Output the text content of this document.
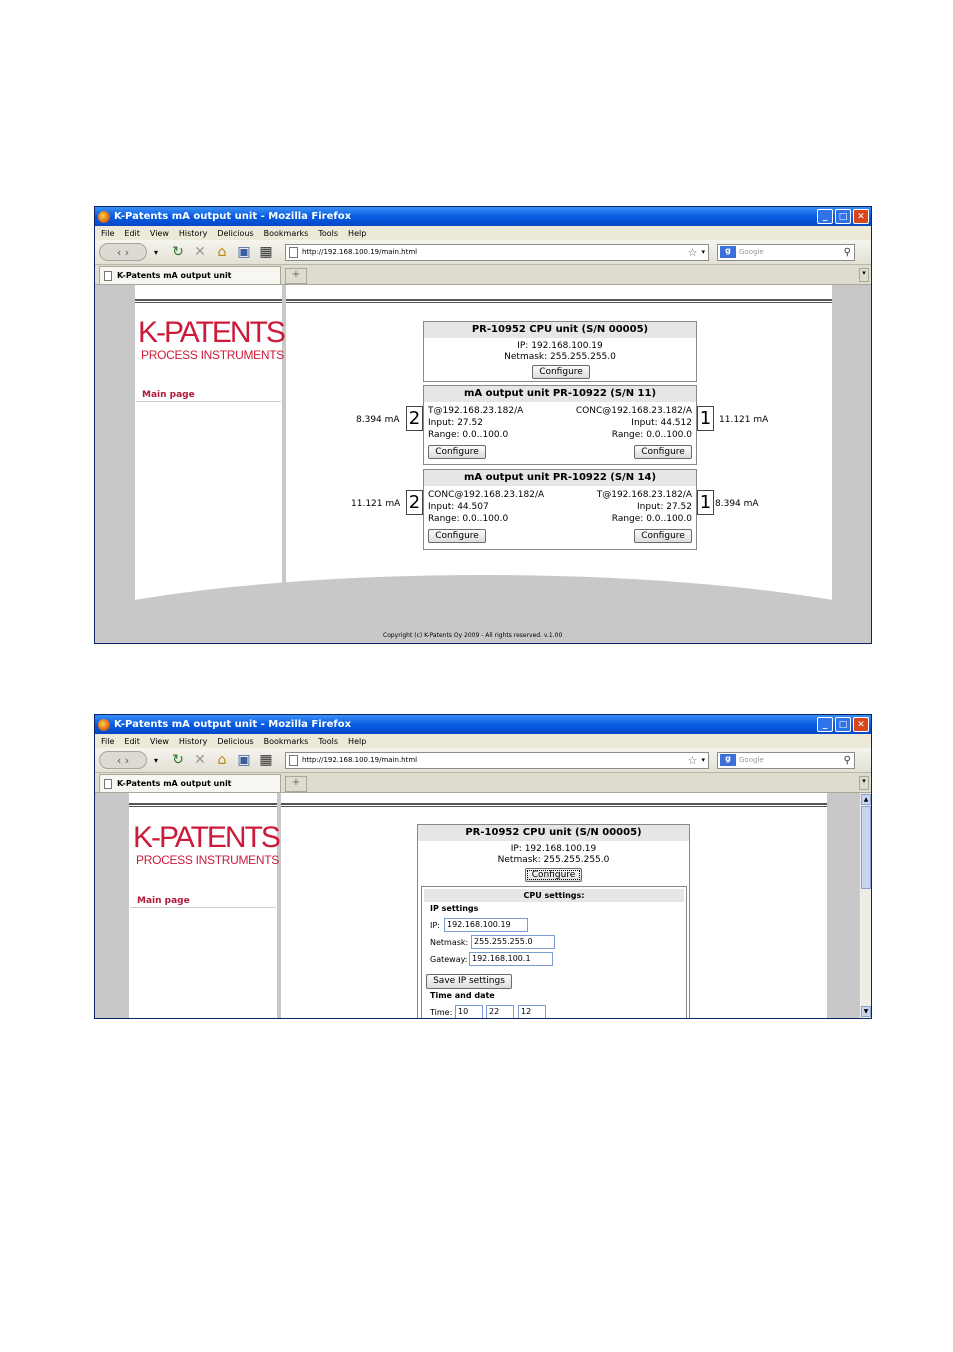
K-Patents mA output unit - Mozilla Firefox	_	□	✕
File Edit View History Delicious Bookmarks Tools Help
‹ ›	▾	↻ ✕ ⌂ ▣ ▦	http://192.168.100.19/main.html	☆ ▾	g	Google	⚲
K-Patents mA output unit	+	▾
K-PATENTS
PROCESS INSTRUMENTS
Main page
PR-10952 CPU unit (S/N 00005)
IP: 192.168.100.19
Netmask: 255.255.255.0
Configure
mA output unit PR-10922 (S/N 11)
T@192.168.23.182/A
Input: 27.52
Range: 0.0..100.0
Configure
CONC@192.168.23.182/A
Input: 44.512
Range: 0.0..100.0
Configure
2	1
8.394 mA	11.121 mA
mA output unit PR-10922 (S/N 14)
CONC@192.168.23.182/A
Input: 44.507
Range: 0.0..100.0
Configure
T@192.168.23.182/A
Input: 27.52
Range: 0.0..100.0
Configure
2	1
11.121 mA	8.394 mA
Copyright (c) K-Patents Oy 2009 - All rights reserved. v.1.00
K-Patents mA output unit - Mozilla Firefox	_	□	✕
File Edit View History Delicious Bookmarks Tools Help
‹ ›	▾	↻ ✕ ⌂ ▣ ▦	http://192.168.100.19/main.html	☆ ▾	g	Google	⚲
K-Patents mA output unit	+	▾
K-PATENTS
PROCESS INSTRUMENTS
Main page
PR-10952 CPU unit (S/N 00005)
IP: 192.168.100.19
Netmask: 255.255.255.0
Configure
CPU settings:
IP settings
IP: 192.168.100.19
Netmask: 255.255.255.0
Gateway: 192.168.100.1
Save IP settings
Time and date
Time: 10	22	12
▲
▼
